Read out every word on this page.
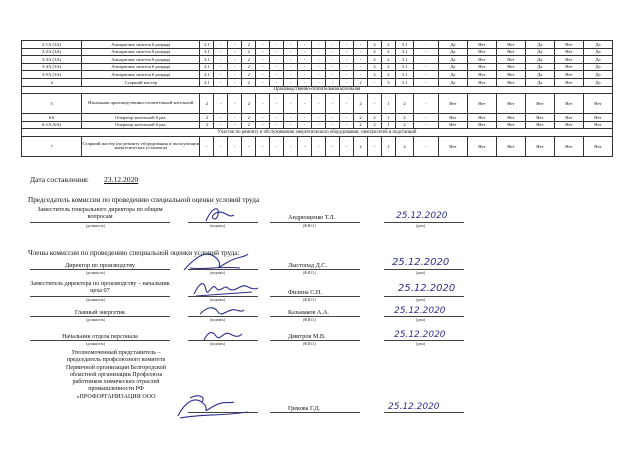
3-1А (3А)	Аппаратчик синтеза 6 разряда	3.1	-	-	2	-	-	-	-	-	-	-	-	2	2	3.1	-	Да	Нет	Нет	Да	Нет	Да
3-2А (3А)	Аппаратчик синтеза 6 разряда	3.1	-	-	2	-	-	-	-	-	-	-	-	2	2	3.1	-	Да	Нет	Нет	Да	Нет	Да
3-3А (3А)	Аппаратчик синтеза 6 разряда	3.1	-	-	2	-	-	-	-	-	-	-	-	2	2	3.1	-	Да	Нет	Нет	Да	Нет	Да
3-4А (3А)	Аппаратчик синтеза 6 разряда	3.1	-	-	2	-	-	-	-	-	-	-	-	2	2	3.1	-	Да	Нет	Нет	Да	Нет	Да
3-5А (3А)	Аппаратчик синтеза 6 разряда	3.1	-	-	2	-	-	-	-	-	-	-	-	2	2	3.1	-	Да	Нет	Нет	Да	Нет	Да
4	Старший мастер	3.1	-	-	2	-	-	-	-	-	-	-	2	-	3	3.1	-	Да	Нет	Нет	Да	Нет	Да
Производственно-отопительная котельная																							
5	Начальник производственно-отопительной котельной	2	-	-	2	-	-	-	-	-	-	-	2	-	1	2	-	Нет	Нет	Нет	Нет	Нет	Нет
6А	Оператор котельной 6 раз.	2	-	-	2	-	-	-	-	-	-	-	2	2	1	2	-	Нет	Нет	Нет	Нет	Нет	Нет
6-1А (6А)	Оператор котельной 6 раз.	2	-	-	2	-	-	-	-	-	-	-	2	2	1	2	-	Нет	Нет	Нет	Нет	Нет	Нет
Участок по ремонту и обслуживанию энергетического оборудования, электросетей и подстанций																							
7	Старший мастер (по ремонту оборудования и эксплуатации энергетических установок)	-	-	-	-	-	-	-	-	-	-	-	2	-	1	2	-	Нет	Нет	Нет	Нет	Нет	Нет
Дата составления: 23.12.2020
Председатель комиссии по проведению специальной оценки условий труда
Заместитель генерального директора по общим вопросам	Андрющенко Т.Л.	25.12.2020
(должность)	(подпись)	(Ф.И.О.)	(дата)
Члены комиссии по проведению специальной оценки условий труда:
Директор по производству	Лыстопад Д.С.	25.12.2020
(должность)	(подпись)	(Ф.И.О.)	(дата)
Заместитель директора по производству – начальник цеха 07	Филина С.Н.	25.12.2020
(должность)	(подпись)	(Ф.И.О.)	(дата)
Главный энергетик	Казьмаков А.А.	25.12.2020
(должность)	(подпись)	(Ф.И.О.)	(дата)
Начальник отдела персонала	Дмитров М.В.	25.12.2020
(должность)	(подпись)	(Ф.И.О.)	(дата)
Уполномоченный представитель – председатель профсоюзного комитета Первичной организации Белгородской областной организации Профсоюза работников химических отраслей промышленности РФ «ПРОФОРГАНИЗАЦИЯ ООО
Грекова Г.Д.	25.12.2020
